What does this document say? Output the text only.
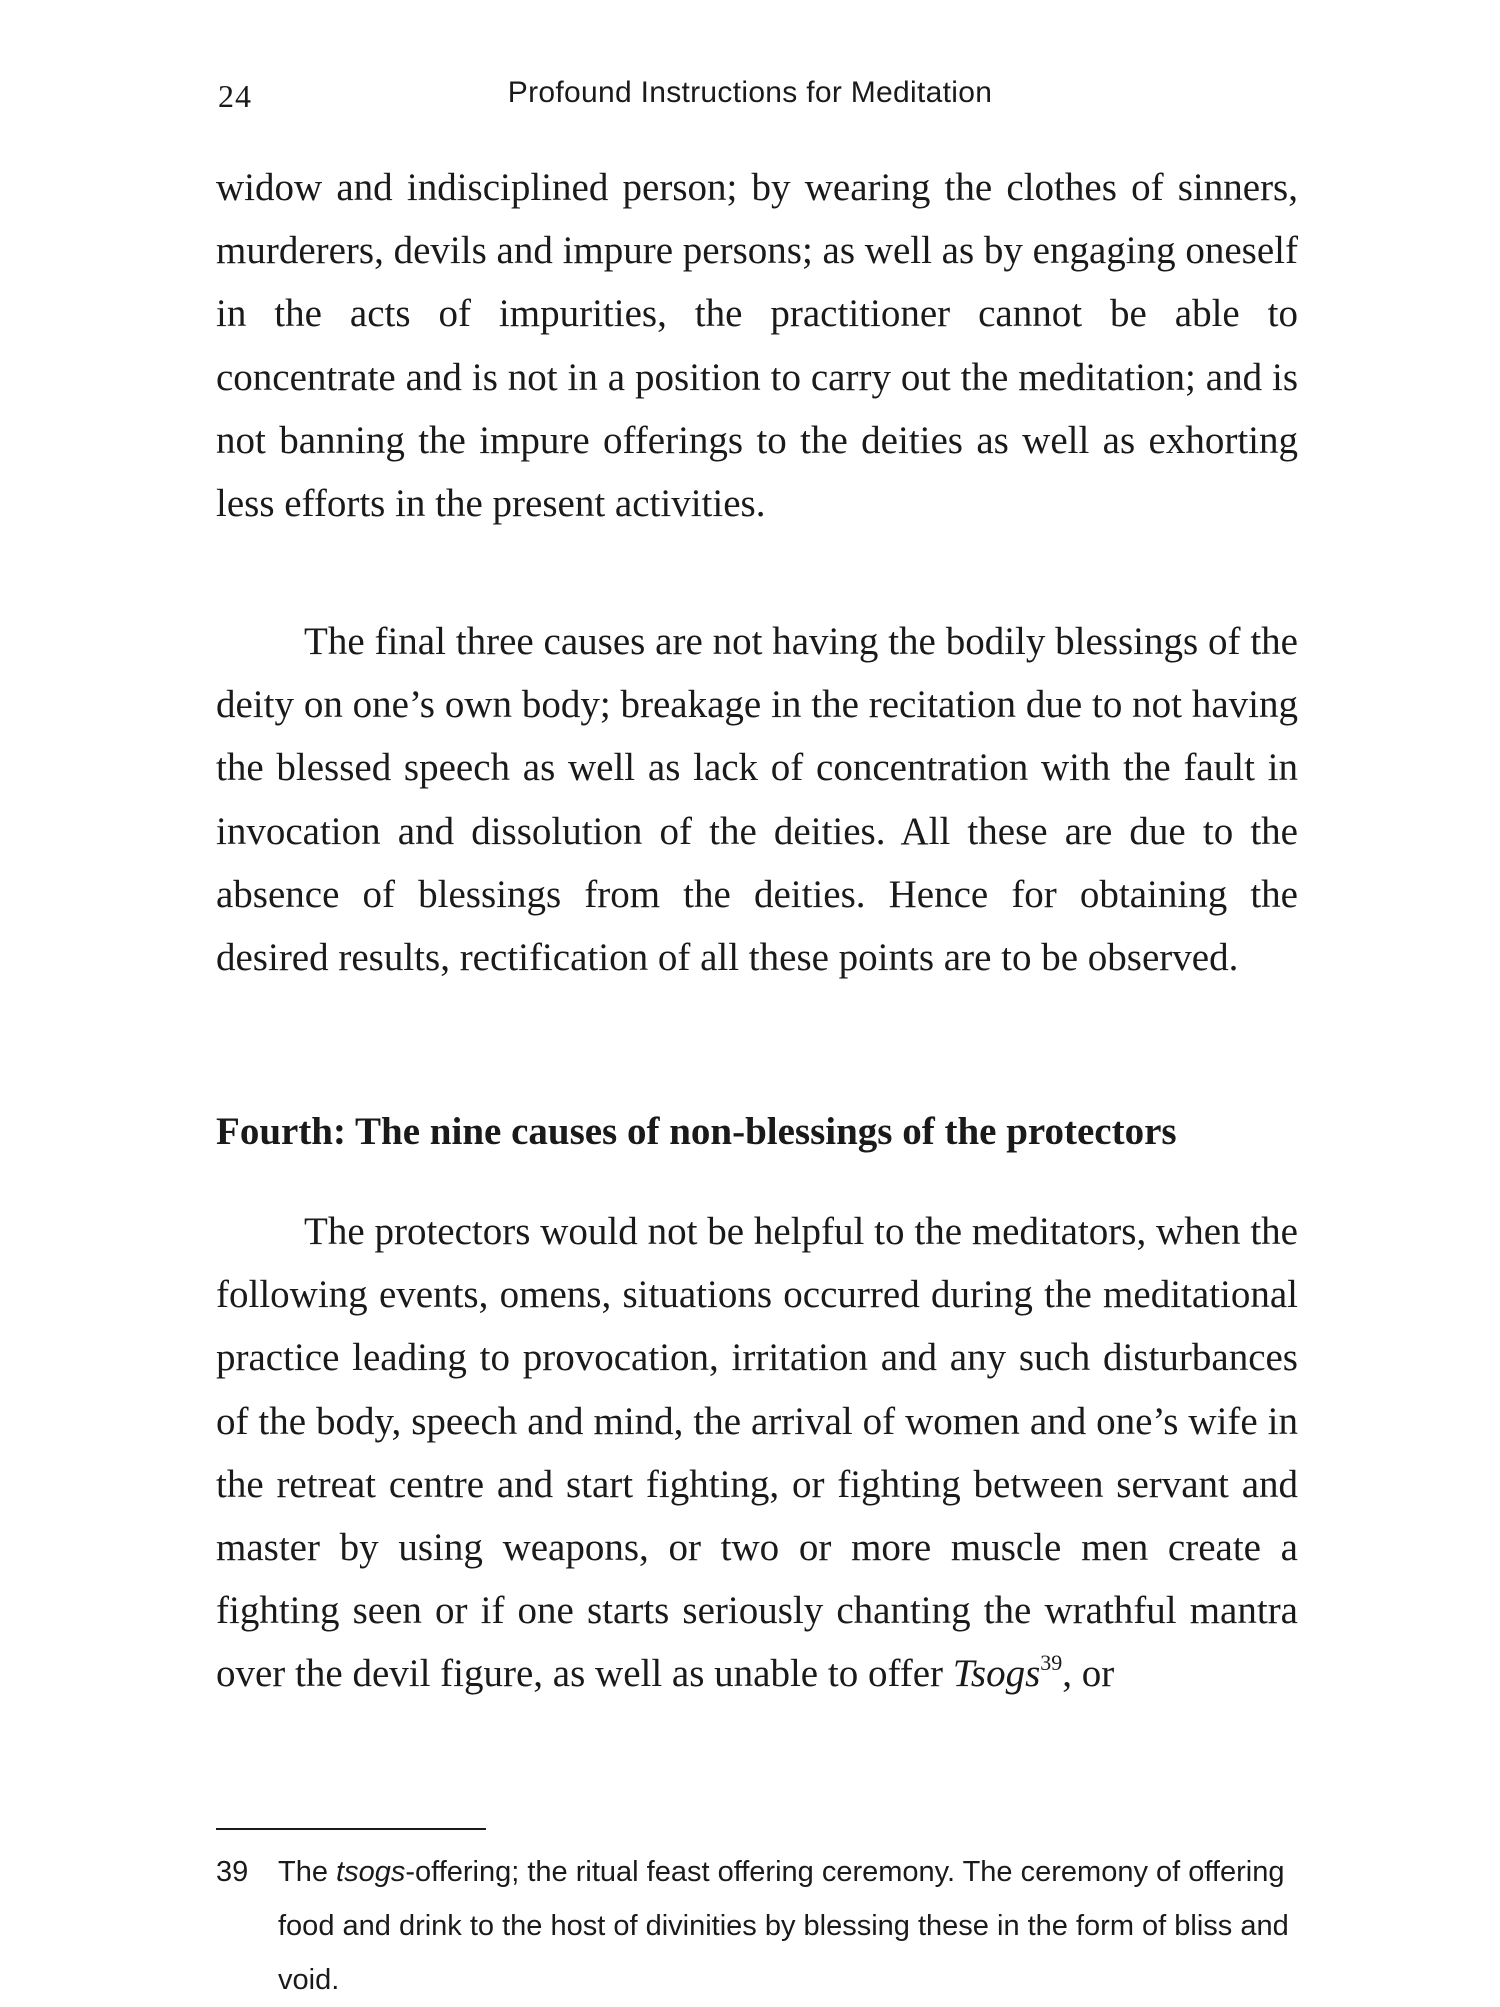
24	Profound Instructions for Meditation

widow and indisciplined person; by wearing the clothes of sinners, murderers, devils and impure persons; as well as by engaging oneself in the acts of impurities, the practitioner cannot be able to concentrate and is not in a position to carry out the meditation; and is not banning the impure offerings to the deities as well as exhorting less efforts in the present activities.

The final three causes are not having the bodily blessings of the deity on one’s own body; breakage in the recitation due to not having the blessed speech as well as lack of concentration with the fault in invocation and dissolution of the deities. All these are due to the absence of blessings from the deities. Hence for obtaining the desired results, rectification of all these points are to be observed.

Fourth: The nine causes of non-blessings of the protectors

The protectors would not be helpful to the meditators, when the following events, omens, situations occurred during the meditational practice leading to provocation, irritation and any such disturbances of the body, speech and mind, the arrival of women and one’s wife in the retreat centre and start fighting, or fighting between servant and master by using weapons, or two or more muscle men create a fighting seen or if one starts seriously chanting the wrathful mantra over the devil figure, as well as unable to offer Tsogs$^{39}$, or

39 The tsogs-offering; the ritual feast offering ceremony. The ceremony of offering food and drink to the host of divinities by blessing these in the form of bliss and void.
